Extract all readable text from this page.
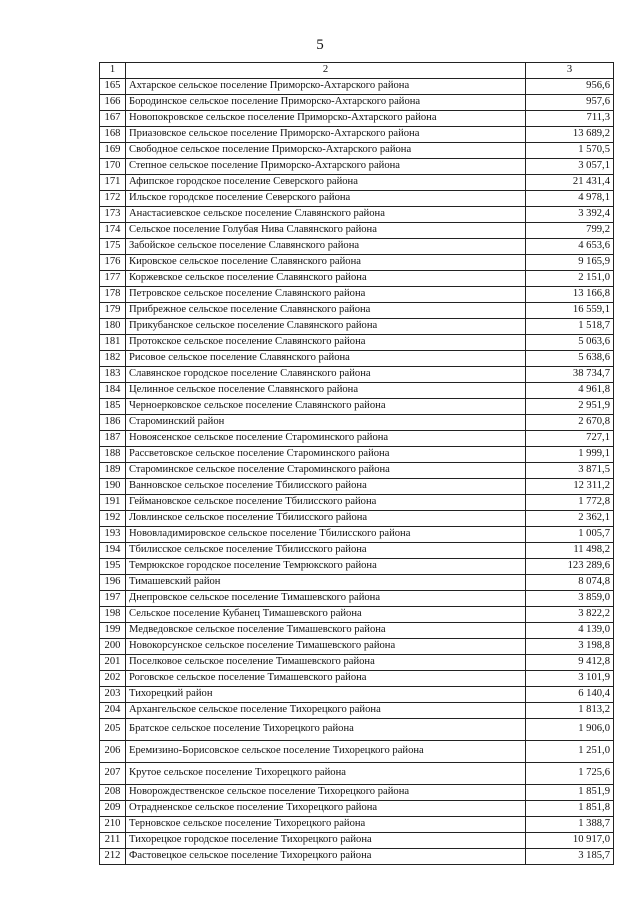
5
1	2	3
165	Ахтарское сельское поселение Приморско-Ахтарского района	956,6
166	Бородинское сельское поселение Приморско-Ахтарского района	957,6
167	Новопокровское сельское поселение Приморско-Ахтарского района	711,3
168	Приазовское сельское поселение Приморско-Ахтарского района	13 689,2
169	Свободное сельское поселение Приморско-Ахтарского района	1 570,5
170	Степное сельское поселение Приморско-Ахтарского района	3 057,1
171	Афипское городское поселение Северского района	21 431,4
172	Ильское городское поселение Северского района	4 978,1
173	Анастасиевское сельское поселение Славянского района	3 392,4
174	Сельское поселение Голубая Нива Славянского района	799,2
175	Забойское сельское поселение Славянского района	4 653,6
176	Кировское сельское поселение Славянского района	9 165,9
177	Коржевское сельское поселение Славянского района	2 151,0
178	Петровское сельское поселение Славянского района	13 166,8
179	Прибрежное сельское поселение Славянского района	16 559,1
180	Прикубанское сельское поселение Славянского района	1 518,7
181	Протокское сельское поселение Славянского района	5 063,6
182	Рисовое сельское поселение Славянского района	5 638,6
183	Славянское городское поселение Славянского района	38 734,7
184	Целинное сельское поселение Славянского района	4 961,8
185	Черноерковское сельское поселение Славянского района	2 951,9
186	Староминский район	2 670,8
187	Новоясенское сельское поселение Староминского района	727,1
188	Рассветовское сельское поселение Староминского района	1 999,1
189	Староминское сельское поселение Староминского района	3 871,5
190	Ванновское сельское поселение Тбилисского района	12 311,2
191	Геймановское сельское поселение Тбилисского района	1 772,8
192	Ловлинское сельское поселение Тбилисского района	2 362,1
193	Нововладимировское сельское поселение Тбилисского района	1 005,7
194	Тбилисское сельское поселение Тбилисского района	11 498,2
195	Темрюкское городское поселение Темрюкского района	123 289,6
196	Тимашевский район	8 074,8
197	Днепровское сельское поселение Тимашевского района	3 859,0
198	Сельское поселение Кубанец Тимашевского района	3 822,2
199	Медведовское сельское поселение Тимашевского района	4 139,0
200	Новокорсунское сельское поселение Тимашевского района	3 198,8
201	Поселковое сельское поселение Тимашевского района	9 412,8
202	Роговское сельское поселение Тимашевского района	3 101,9
203	Тихорецкий район	6 140,4
204	Архангельское сельское поселение Тихорецкого района	1 813,2
205	Братское сельское поселение Тихорецкого района	1 906,0
206	Еремизино-Борисовское сельское поселение Тихорецкого района	1 251,0
207	Крутое сельское поселение Тихорецкого района	1 725,6
208	Новорождественское сельское поселение Тихорецкого района	1 851,9
209	Отрадненское сельское поселение Тихорецкого района	1 851,8
210	Терновское сельское поселение Тихорецкого района	1 388,7
211	Тихорецкое городское поселение Тихорецкого района	10 917,0
212	Фастовецкое сельское поселение Тихорецкого района	3 185,7
